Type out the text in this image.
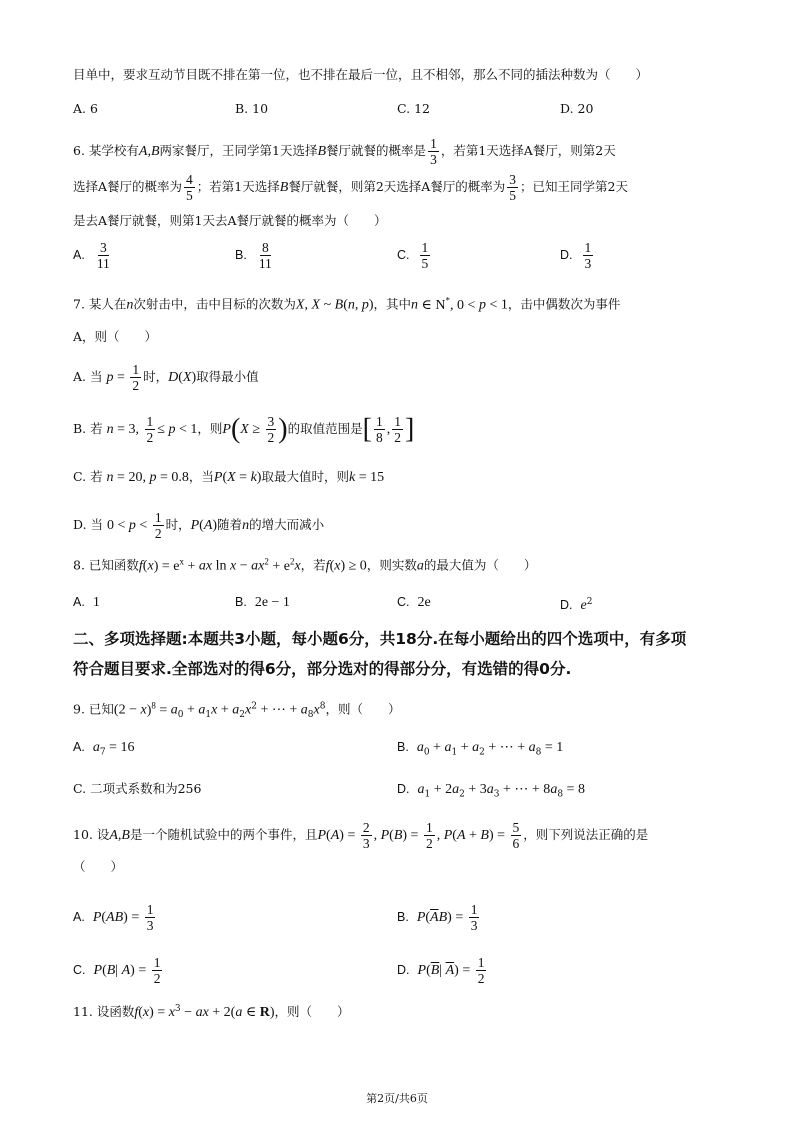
目单中，要求互动节目既不排在第一位，也不排在最后一位，且不相邻，那么不同的插法种数为（　　）
A. 6	B. 10	C. 12	D. 20
6. 某学校有A,B两家餐厅，王同学第1天选择B餐厅就餐的概率是 $\frac{1}{3}$ ，若第1天选择A餐厅，则第2天
选择A餐厅的概率为 $\frac{4}{5}$ ；若第1天选择B餐厅就餐，则第2天选择A餐厅的概率为 $\frac{3}{5}$ ；已知王同学第2天
是去A餐厅就餐，则第1天去A餐厅就餐的概率为（　　）
A. $\frac{3}{11}$	B. $\frac{8}{11}$	C. $\frac{1}{5}$	D. $\frac{1}{3}$
7. 某人在n次射击中，击中目标的次数为X, X ~ B(n, p)，其中n ∈ N*, 0 < p < 1，击中偶数次为事件
A，则（　　）
A. 当 $p = \frac{1}{2}$ 时，D(X)取得最小值
B. 若 n = 3, $\frac{1}{2} \le p < 1$，则$P(X \ge \frac{3}{2}$ )的取值范围是[ $\frac{1}{8}$ , $\frac{1}{2}$ ]
C. 若 n = 20, p = 0.8，当P(X = k)取最大值时，则k = 15
D. 当 $0 < p < \frac{1}{2}$ 时，P(A)随着n的增大而减小
8. 已知函数$f(x) = e^x$ + ax $\ln x - ax^2 + e^2x$，若f(x) ≥ 0，则实数a的最大值为（　　）
A. 1	B. 2e − 1	C. 2e	D. $e^2$
二、多项选择题:本题共3小题，每小题6分，共18分.在每小题给出的四个选项中，有多项
符合题目要求.全部选对的得6分，部分选对的得部分分，有选错的得0分.
9. 已知$(2 - x)^8 = a_0 + a_1x + a_2x^2$ + ⋯ + $a_8x^8$，则（　　）
A. $a_7 = 16$	B. $a_0 + a_1 + a_2$ + ⋯ + $a_8 = 1$
C. 二项式系数和为256	D. $a_1 + 2a_2 + 3a_3$ + ⋯ + $8a_8 = 8$
10. 设A,B是一个随机试验中的两个事件，且$P(A) = \frac{2}{3}$ , $P(B) = \frac{1}{2}$ , $P(A + B) = \frac{5}{6}$ ，则下列说法正确的是
（　　）
A. $P(AB) = \frac{1}{3}$	B. $P(\overline{A}B) = \frac{1}{3}$
C. P(B| $A) = \frac{1}{2}$	D. $P(\overline{B}|$ $\overline{A}) = \frac{1}{2}$
11. 设函数$f(x) = x^3$ − ax + 2(a ∈ R)，则（　　）
第2页/共6页
